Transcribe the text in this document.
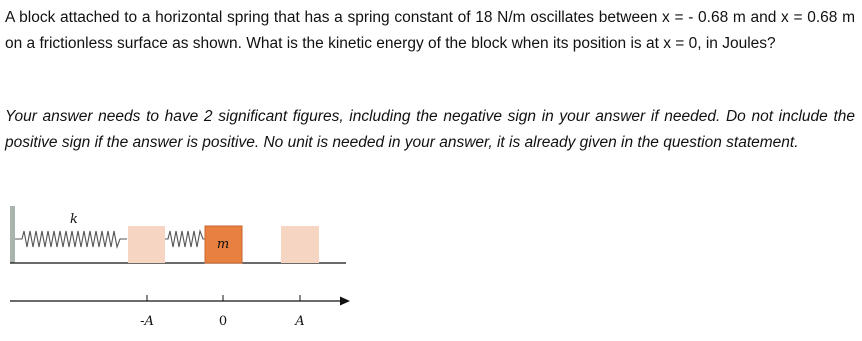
A block attached to a horizontal spring that has a spring constant of 18 N/m oscillates between x = - 0.68 m and x = 0.68 m on a frictionless surface as shown. What is the kinetic energy of the block when its position is at x = 0, in Joules?
Your answer needs to have 2 significant figures, including the negative sign in your answer if needed. Do not include the positive sign if the answer is positive. No unit is needed in your answer, it is already given in the question statement.
k
m
-A	0	A
